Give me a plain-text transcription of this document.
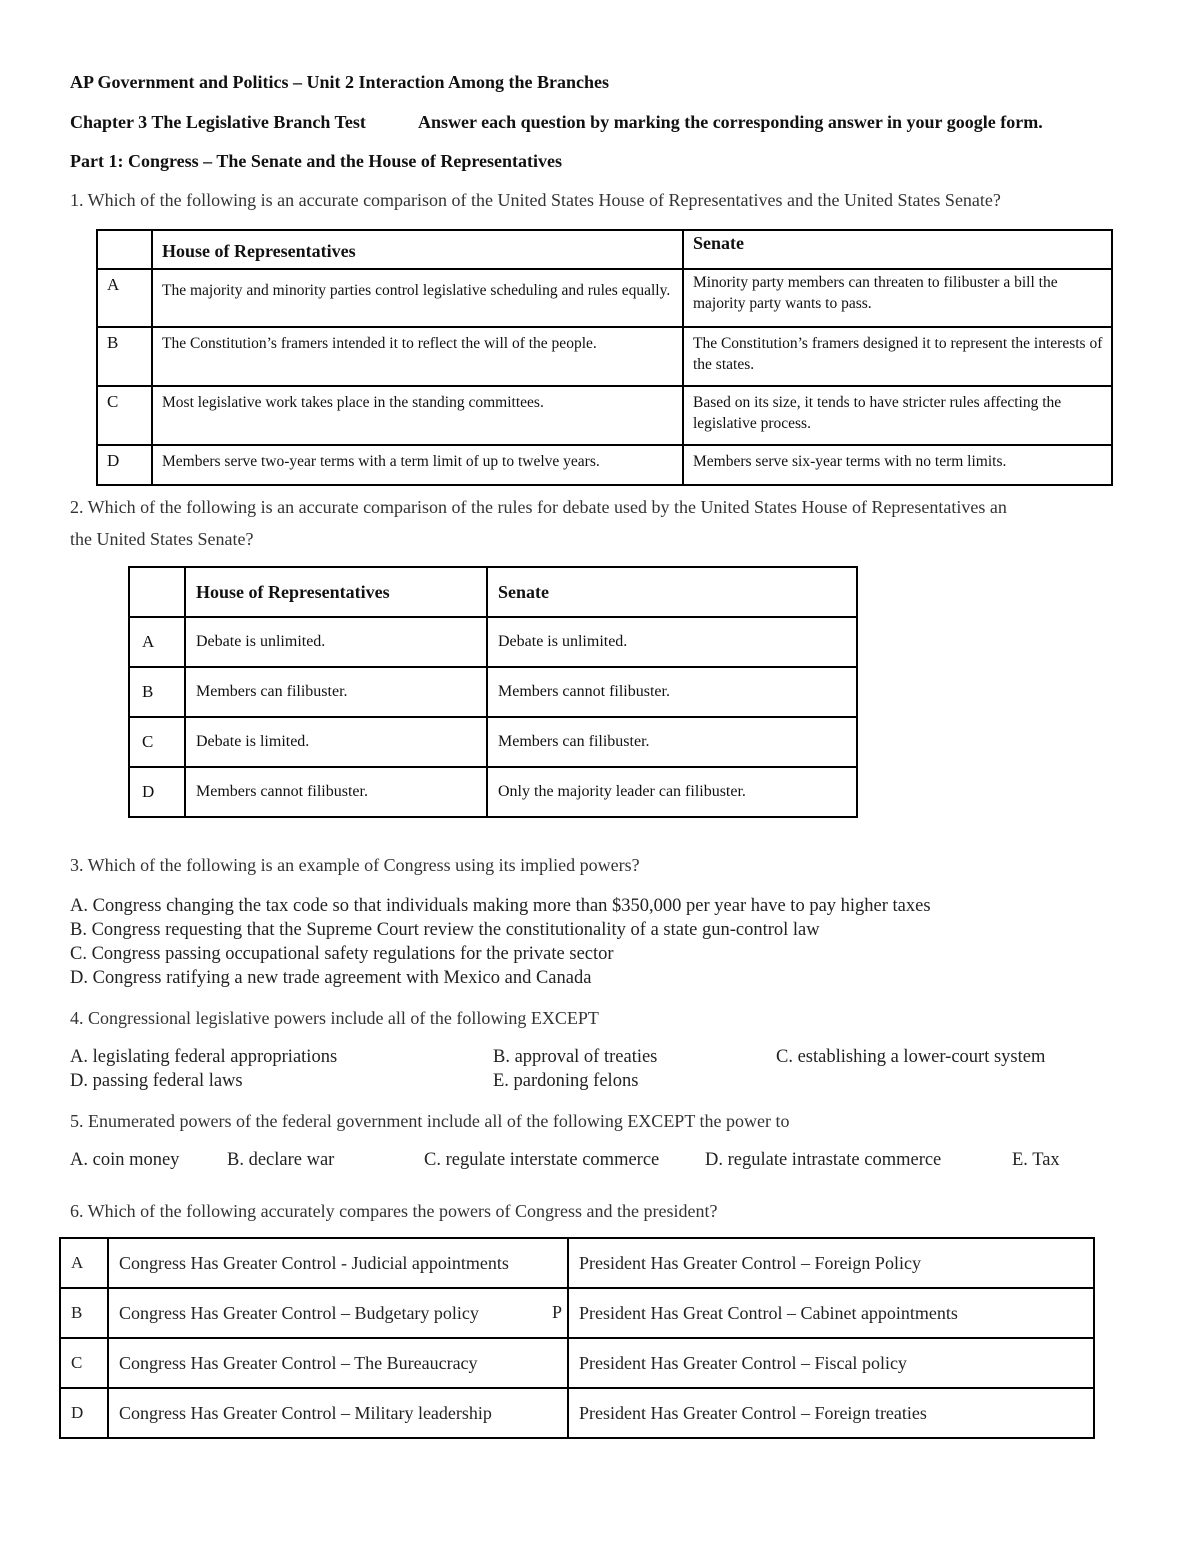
AP Government and Politics – Unit 2 Interaction Among the Branches
Chapter 3 The Legislative Branch Test	Answer each question by marking the corresponding answer in your google form.
Part 1: Congress – The Senate and the House of Representatives
1. Which of the following is an accurate comparison of the United States House of Representatives and the United States Senate?
	House of Representatives	Senate
A	The majority and minority parties control legislative scheduling and rules equally.	Minority party members can threaten to filibuster a bill the majority party wants to pass.
B	The Constitution’s framers intended it to reflect the will of the people.	The Constitution’s framers designed it to represent the interests of the states.
C	Most legislative work takes place in the standing committees.	Based on its size, it tends to have stricter rules affecting the legislative process.
D	Members serve two-year terms with a term limit of up to twelve years.	Members serve six-year terms with no term limits.
2. Which of the following is an accurate comparison of the rules for debate used by the United States House of Representatives an
the United States Senate?
	House of Representatives	Senate
A	Debate is unlimited.	Debate is unlimited.
B	Members can filibuster.	Members cannot filibuster.
C	Debate is limited.	Members can filibuster.
D	Members cannot filibuster.	Only the majority leader can filibuster.
3. Which of the following is an example of Congress using its implied powers?
A. Congress changing the tax code so that individuals making more than $350,000 per year have to pay higher taxes
B. Congress requesting that the Supreme Court review the constitutionality of a state gun-control law
C. Congress passing occupational safety regulations for the private sector
D. Congress ratifying a new trade agreement with Mexico and Canada
4. Congressional legislative powers include all of the following EXCEPT
A. legislating federal appropriations	B. approval of treaties	C. establishing a lower-court system
D. passing federal laws	E. pardoning felons
5. Enumerated powers of the federal government include all of the following EXCEPT the power to
A. coin money	B. declare war	C. regulate interstate commerce D. regulate intrastate commerce	E. Tax
6. Which of the following accurately compares the powers of Congress and the president?
A	Congress Has Greater Control - Judicial appointments	President Has Greater Control – Foreign Policy
B	Congress Has Greater Control – Budgetary policy	President Has Great Control – Cabinet appointments
C	Congress Has Greater Control – The Bureaucracy	President Has Greater Control – Fiscal policy
D	Congress Has Greater Control – Military leadership	President Has Greater Control – Foreign treaties
P
